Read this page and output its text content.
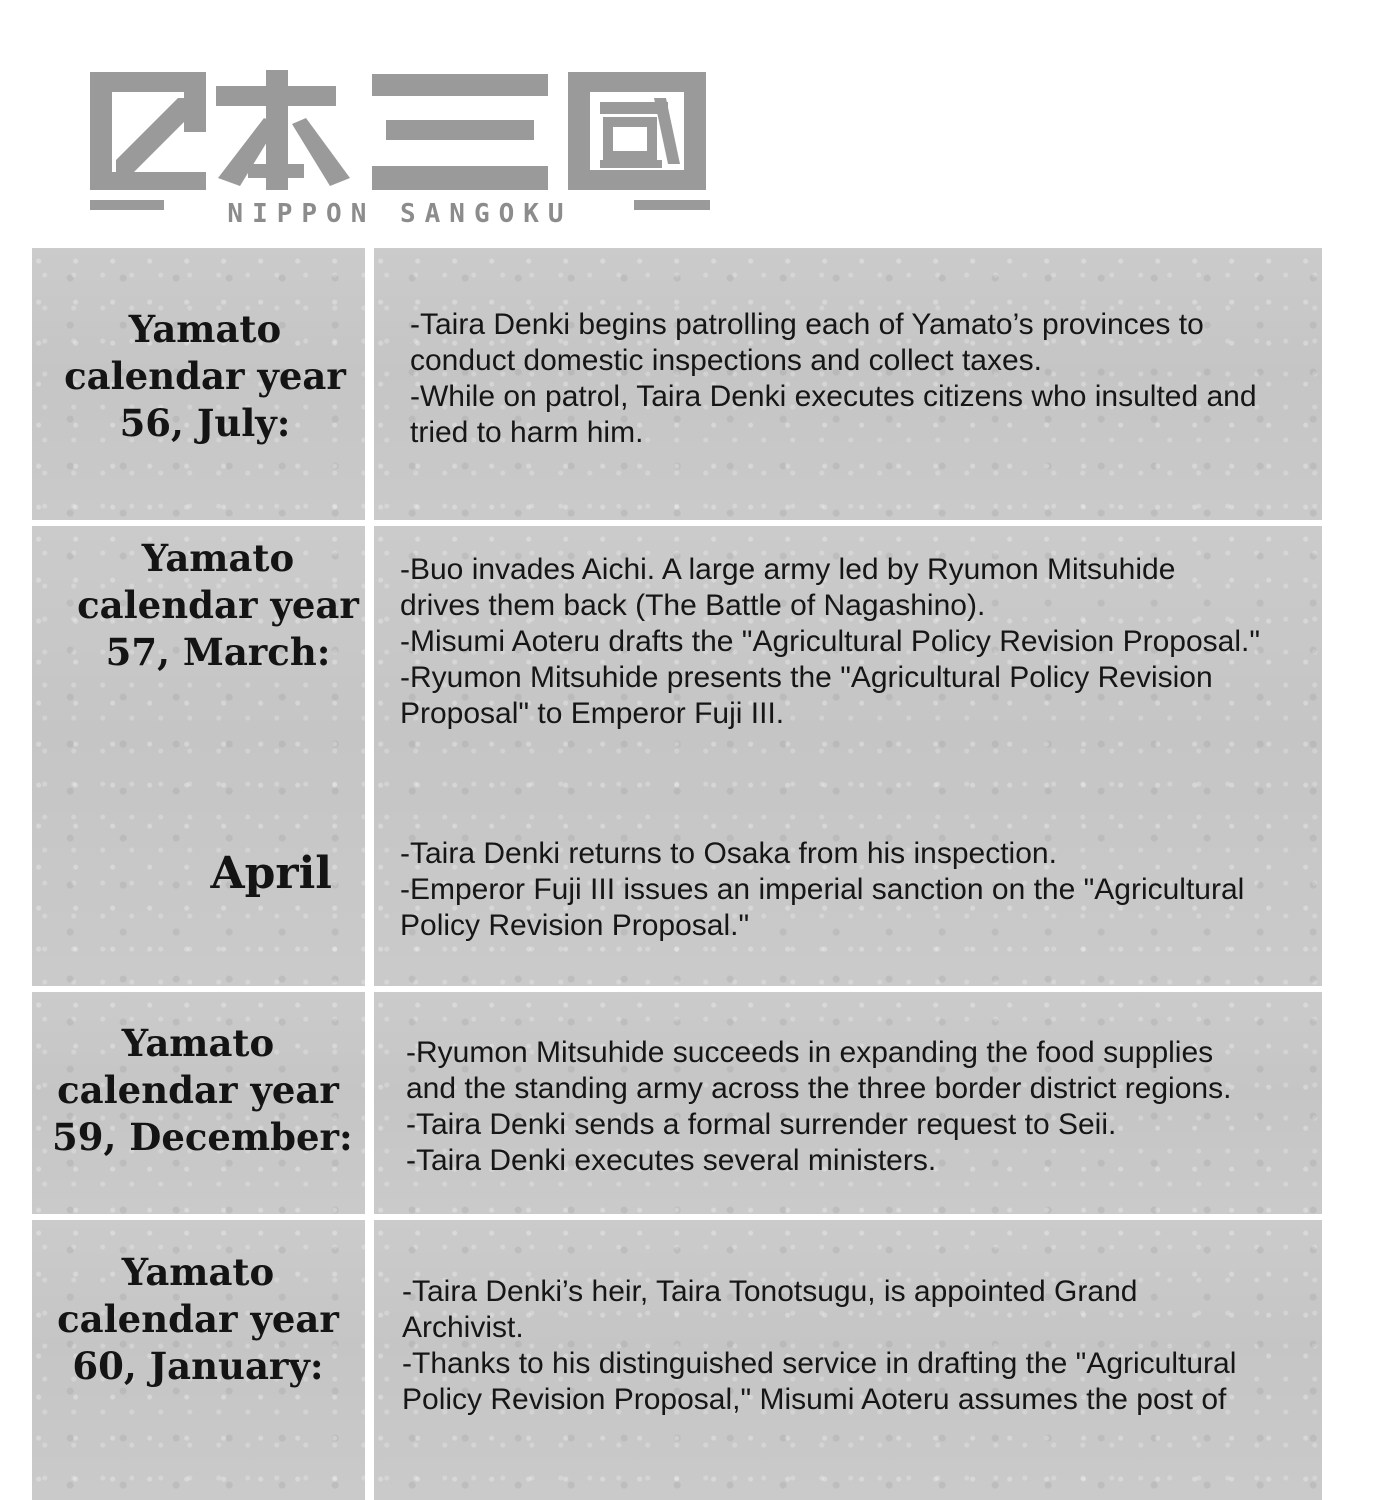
NIPPON SANGOKU
Yamato
calendar year
56, July:
-Taira Denki begins patrolling each of Yamato’s provinces to
conduct domestic inspections and collect taxes.
-While on patrol, Taira Denki executes citizens who insulted and
tried to harm him.
Yamato
calendar year
57, March:
-Buo invades Aichi. A large army led by Ryumon Mitsuhide
drives them back (The Battle of Nagashino).
-Misumi Aoteru drafts the "Agricultural Policy Revision Proposal."
-Ryumon Mitsuhide presents the "Agricultural Policy Revision
Proposal" to Emperor Fuji III.
April -Taira Denki returns to Osaka from his inspection.
-Emperor Fuji III issues an imperial sanction on the "Agricultural
Policy Revision Proposal."
Yamato
calendar year
59, December:
-Ryumon Mitsuhide succeeds in expanding the food supplies
and the standing army across the three border district regions.
-Taira Denki sends a formal surrender request to Seii.
-Taira Denki executes several ministers.
Yamato
calendar year
60, January:
-Taira Denki’s heir, Taira Tonotsugu, is appointed Grand
Archivist.
-Thanks to his distinguished service in drafting the "Agricultural
Policy Revision Proposal," Misumi Aoteru assumes the post of
